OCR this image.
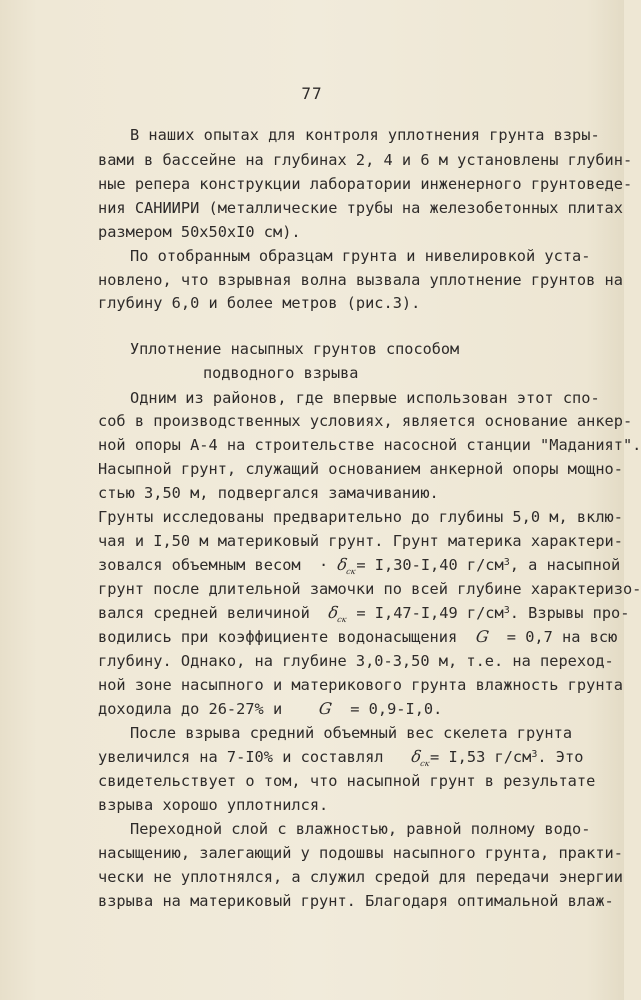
77
В наших опытах для контроля уплотнения грунта взры-
вами в бассейне на глубинах 2, 4 и 6 м установлены глубин-
ные репера конструкции лаборатории инженерного грунтоведе-
ния САНИИРИ (металлические трубы на железобетонных плитах
размером 50х50хI0 см).
По отобранным образцам грунта и нивелировкой уста-
новлено, что взрывная волна вызвала уплотнение грунтов на
глубину 6,0 и более метров (рис.3).
Уплотнение насыпных грунтов способом
подводного взрыва
Одним из районов, где впервые использован этот спо-
соб в производственных условиях, является основание анкер-
ной опоры А-4 на строительстве насосной станции "Маданият".
Насыпной грунт, служащий основанием анкерной опоры мощно-
стью 3,50 м, подвергался замачиванию.
Грунты исследованы предварительно до глубины 5,0 м, вклю-
чая и I,50 м материковый грунт. Грунт материка характери-
зовался объемным весом  · $\delta_{ск}= I,30-I,40$ $г/см^3$, а насыпной
грунт после длительной замочки по всей глубине характеризо-
вался средней величиной  $\delta_{ск} = I,47-I,49$ $г/см^3$. Взрывы про-
водились при коэффициенте водонасыщения  G  = 0,7 на всю
глубину. Однако, на глубине 3,0-3,50 м, т.е. на переход-
ной зоне насыпного и материкового грунта влажность грунта
доходила до 26-27% и    G  = 0,9-I,0.
После взрыва средний объемный вес скелета грунта
увеличился на 7-I0% и составлял   $\delta_{ск}= I,53$ $г/см^3$. Это
свидетельствует о том, что насыпной грунт в результате
взрыва хорошо уплотнился.
Переходной слой с влажностью, равной полному водо-
насыщению, залегающий у подошвы насыпного грунта, практи-
чески не уплотнялся, а служил средой для передачи энергии
взрыва на материковый грунт. Благодаря оптимальной влаж-
